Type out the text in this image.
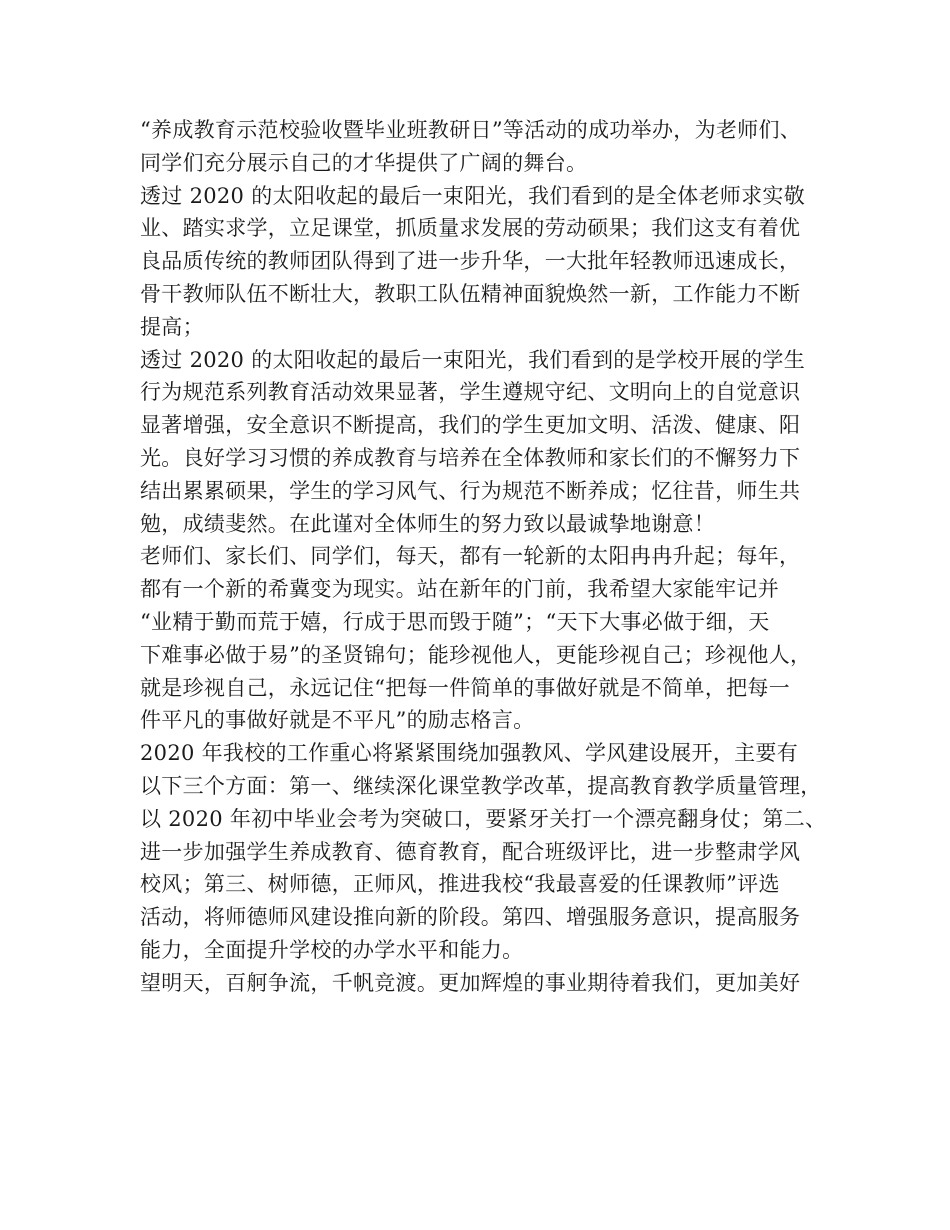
“养成教育示范校验收暨毕业班教研日”等活动的成功举办，为老师们、
同学们充分展示自己的才华提供了广阔的舞台。
透过 2020 的太阳收起的最后一束阳光，我们看到的是全体老师求实敬
业、踏实求学，立足课堂，抓质量求发展的劳动硕果；我们这支有着优
良品质传统的教师团队得到了进一步升华，一大批年轻教师迅速成长，
骨干教师队伍不断壮大，教职工队伍精神面貌焕然一新，工作能力不断
提高；
透过 2020 的太阳收起的最后一束阳光，我们看到的是学校开展的学生
行为规范系列教育活动效果显著，学生遵规守纪、文明向上的自觉意识
显著增强，安全意识不断提高，我们的学生更加文明、活泼、健康、阳
光。良好学习习惯的养成教育与培养在全体教师和家长们的不懈努力下
结出累累硕果，学生的学习风气、行为规范不断养成；忆往昔，师生共
勉，成绩斐然。在此谨对全体师生的努力致以最诚挚地谢意！
老师们、家长们、同学们，每天，都有一轮新的太阳冉冉升起；每年，
都有一个新的希冀变为现实。站在新年的门前，我希望大家能牢记并
“业精于勤而荒于嬉，行成于思而毁于随”；“天下大事必做于细，天
下难事必做于易”的圣贤锦句；能珍视他人，更能珍视自己；珍视他人，
就是珍视自己，永远记住“把每一件简单的事做好就是不简单，把每一
件平凡的事做好就是不平凡”的励志格言。
2020 年我校的工作重心将紧紧围绕加强教风、学风建设展开，主要有
以下三个方面：第一、继续深化课堂教学改革，提高教育教学质量管理，
以 2020 年初中毕业会考为突破口，要紧牙关打一个漂亮翻身仗；第二、
进一步加强学生养成教育、德育教育，配合班级评比，进一步整肃学风
校风；第三、树师德，正师风，推进我校“我最喜爱的任课教师”评选
活动，将师德师风建设推向新的阶段。第四、增强服务意识，提高服务
能力，全面提升学校的办学水平和能力。
望明天，百舸争流，千帆竞渡。更加辉煌的事业期待着我们，更加美好
